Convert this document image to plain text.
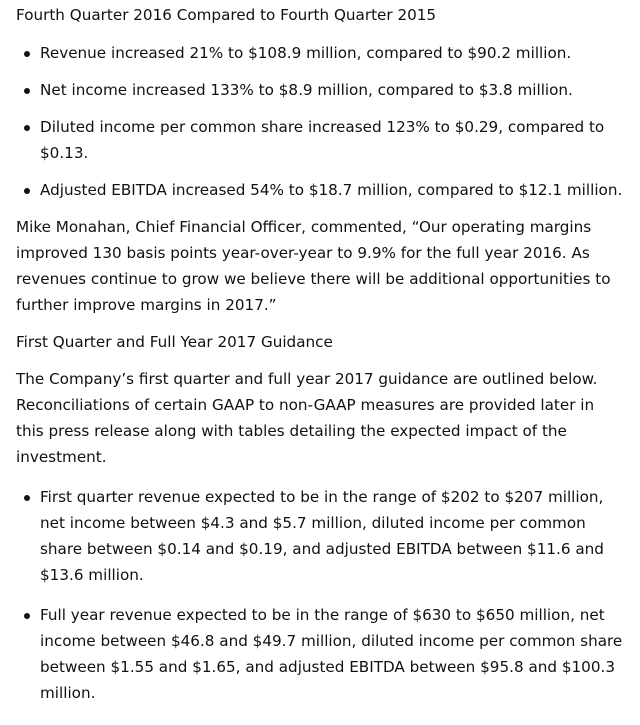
Fourth Quarter 2016 Compared to Fourth Quarter 2015

Revenue increased 21% to $108.9 million, compared to $90.2 million.
Net income increased 133% to $8.9 million, compared to $3.8 million.
Diluted income per common share increased 123% to $0.29, compared to $0.13.
Adjusted EBITDA increased 54% to $18.7 million, compared to $12.1 million.

Mike Monahan, Chief Financial Officer, commented, “Our operating margins improved 130 basis points year-over-year to 9.9% for the full year 2016. As revenues continue to grow we believe there will be additional opportunities to further improve margins in 2017.”

First Quarter and Full Year 2017 Guidance

The Company’s first quarter and full year 2017 guidance are outlined below. Reconciliations of certain GAAP to non-GAAP measures are provided later in this press release along with tables detailing the expected impact of the investment.

First quarter revenue expected to be in the range of $202 to $207 million, net income between $4.3 and $5.7 million, diluted income per common share between $0.14 and $0.19, and adjusted EBITDA between $11.6 and $13.6 million.
Full year revenue expected to be in the range of $630 to $650 million, net income between $46.8 and $49.7 million, diluted income per common share between $1.55 and $1.65, and adjusted EBITDA between $95.8 and $100.3 million.
